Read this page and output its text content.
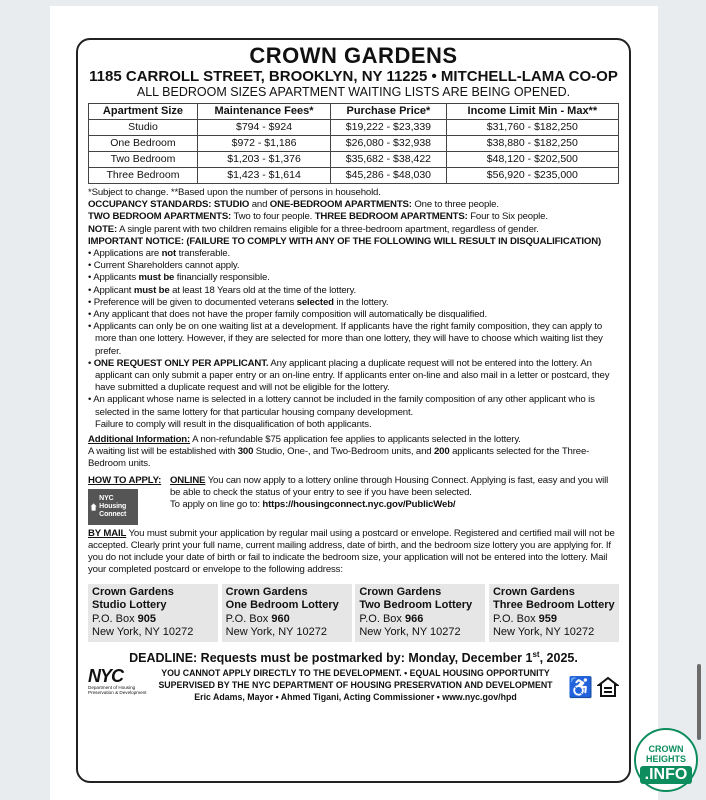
CROWN GARDENS
1185 CARROLL STREET, BROOKLYN, NY 11225 • MITCHELL-LAMA CO-OP
ALL BEDROOM SIZES APARTMENT WAITING LISTS ARE BEING OPENED.
Apartment Size	Maintenance Fees*	Purchase Price*	Income Limit Min - Max**
Studio	$794 - $924	$19,222 - $23,339	$31,760 - $182,250
One Bedroom	$972 - $1,186	$26,080 - $32,938	$38,880 - $182,250
Two Bedroom	$1,203 - $1,376	$35,682 - $38,422	$48,120 - $202,500
Three Bedroom	$1,423 - $1,614	$45,286 - $48,030	$56,920 - $235,000

*Subject to change. **Based upon the number of persons in household.

OCCUPANCY STANDARDS: STUDIO and ONE-BEDROOM APARTMENTS: One to three people.

TWO BEDROOM APARTMENTS: Two to four people. THREE BEDROOM APARTMENTS: Four to Six people.

NOTE: A single parent with two children remains eligible for a three-bedroom apartment, regardless of gender.

IMPORTANT NOTICE: (FAILURE TO COMPLY WITH ANY OF THE FOLLOWING WILL RESULT IN DISQUALIFICATION)

• Applications are not transferable.
• Current Shareholders cannot apply.
• Applicants must be financially responsible.
• Applicant must be at least 18 Years old at the time of the lottery.
• Preference will be given to documented veterans selected in the lottery.
• Any applicant that does not have the proper family composition will automatically be disqualified.
• Applicants can only be on one waiting list at a development. If applicants have the right family composition, they can apply to more than one lottery. However, if they are selected for more than one lottery, they will have to choose which waiting list they prefer.
• ONE REQUEST ONLY PER APPLICANT. Any applicant placing a duplicate request will not be entered into the lottery. An applicant can only submit a paper entry or an on-line entry. If applicants enter on-line and also mail in a letter or postcard, they have submitted a duplicate request and will not be eligible for the lottery.
• An applicant whose name is selected in a lottery cannot be included in the family composition of any other applicant who is selected in the same lottery for that particular housing company development.
Failure to comply will result in the disqualification of both applicants.

Additional Information: A non-refundable $75 application fee applies to applicants selected in the lottery.

A waiting list will be established with 300 Studio, One-, and Two-Bedroom units, and 200 applicants selected for the Three-Bedroom units.

HOW TO APPLY:
NYC Housing Connect

ONLINE You can now apply to a lottery online through Housing Connect. Applying is fast, easy and you will be able to check the status of your entry to see if you have been selected.

To apply on line go to: https://housingconnect.nyc.gov/PublicWeb/

BY MAIL You must submit your application by regular mail using a postcard or envelope. Registered and certified mail will not be accepted. Clearly print your full name, current mailing address, date of birth, and the bedroom size lottery you are applying for. If you do not include your date of birth or fail to indicate the bedroom size, your application will not be entered into the lottery. Mail your completed postcard or envelope to the following address:

Crown Gardens
Studio Lottery
P.O. Box 905
New York, NY 10272
Crown Gardens
One Bedroom Lottery
P.O. Box 960
New York, NY 10272
Crown Gardens
Two Bedroom Lottery
P.O. Box 966
New York, NY 10272
Crown Gardens
Three Bedroom Lottery
P.O. Box 959
New York, NY 10272
DEADLINE: Requests must be postmarked by: Monday, December 1st, 2025.
NYC
Department of Housing Preservation & Development
YOU CANNOT APPLY DIRECTLY TO THE DEVELOPMENT. • EQUAL HOUSING OPPORTUNITY
SUPERVISED BY THE NYC DEPARTMENT OF HOUSING PRESERVATION AND DEVELOPMENT
Eric Adams, Mayor • Ahmed Tigani, Acting Commissioner • www.nyc.gov/hpd	♿
CROWN
HEIGHTS
.INFO
